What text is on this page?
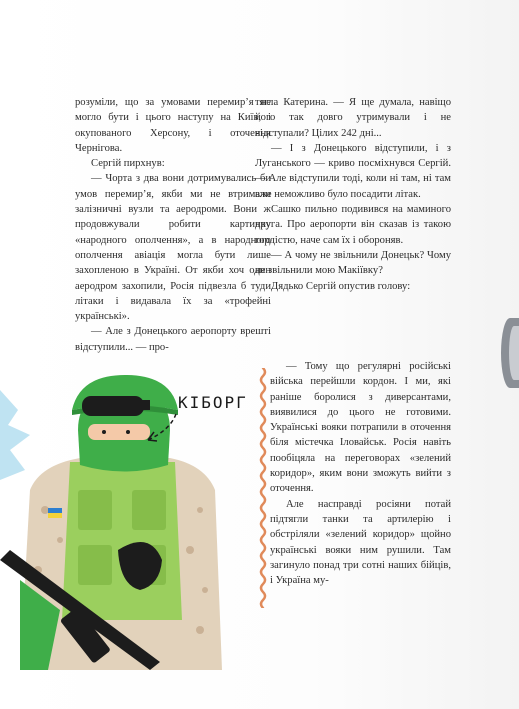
розуміли, що за умовами перемир’я не могло бути і цього наступу на Київ, і окупованого Херсону, і оточення Чернігова.

Сергій пирхнув:

— Чорта з два вони дотримувались би умов перемир’я, якби ми не втримали залізничні вузли та аеродроми. Вони ж продовжували робити картинку «народного ополчення», а в народного ополчення авіація могла бути лише захопленою в Україні. От якби хоч один аеродром захопили, Росія підвезла б туди літаки і видавала їх за «трофейні українські».

— Але з Донецького аеропорту врешті відступили... — про-

тягла Катерина. — Я ще думала, навіщо його так довго утримували і не відступали? Цілих 242 дні...

— І з Донецького відступили, і з Луганського — криво посміхнувся Сергій. — Але відступили тоді, коли ні там, ні там вже неможливо було посадити літак.

Сашко пильно подивився на маминого друга. Про аеропорти він сказав із такою гордістю, наче сам їх і обороняв.

— А чому не звільнили Донецьк? Чому не звільнили мою Макіївку?

Дядько Сергій опустив голову:

— Тому що регулярні російські війська перейшли кордон. І ми, які раніше боролися з диверсантами, виявилися до цього не готовими. Українські вояки потрапили в оточення біля містечка Іловайськ. Росія навіть пообіцяла на переговорах «зелений коридор», яким вони зможуть вийти з оточення.

Але насправді росіяни потай підтягли танки та артилерію і обстріляли «зелений коридор» щойно українські вояки ним рушили. Там загинуло понад три сотні наших бійців, і Україна му-

КІБОРГ
